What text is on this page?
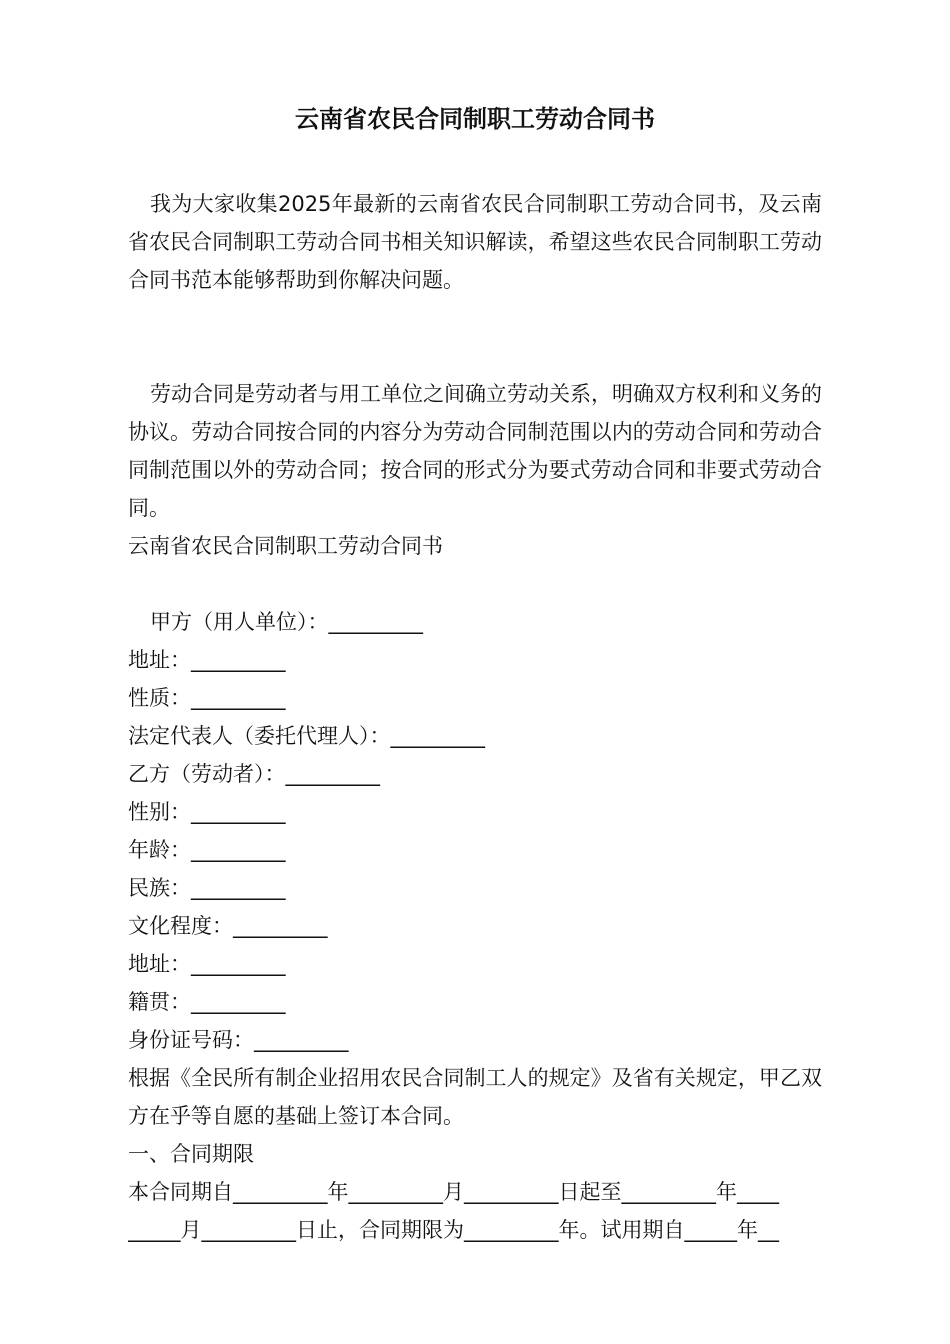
云南省农民合同制职工劳动合同书

我为大家收集2025年最新的云南省农民合同制职工劳动合同书，及云南省农民合同制职工劳动合同书相关知识解读，希望这些农民合同制职工劳动合同书范本能够帮助到你解决问题。

劳动合同是劳动者与用工单位之间确立劳动关系，明确双方权利和义务的协议。劳动合同按合同的内容分为劳动合同制范围以内的劳动合同和劳动合同制范围以外的劳动合同；按合同的形式分为要式劳动合同和非要式劳动合同。

云南省农民合同制职工劳动合同书

甲方（用人单位）：_________
地址：_________
性质：_________
法定代表人（委托代理人）：_________
乙方（劳动者）：_________
性别：_________
年龄：_________
民族：_________
文化程度：_________
地址：_________
籍贯：_________
身份证号码：_________

根据《全民所有制企业招用农民合同制工人的规定》及省有关规定，甲乙双方在乎等自愿的基础上签订本合同。

一、合同期限

本合同期自_________年_________月_________日起至_________年____
_____月_________日止，合同期限为_________年。试用期自_____年__
